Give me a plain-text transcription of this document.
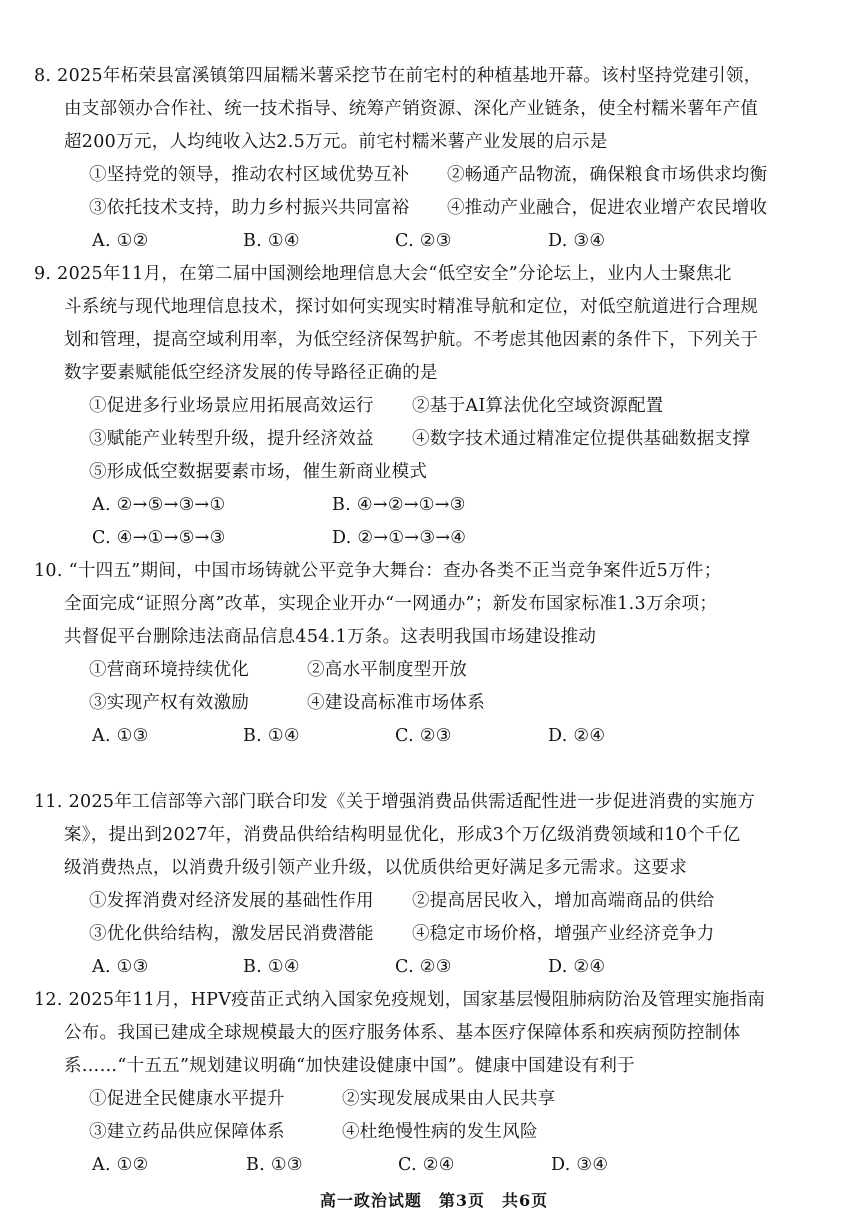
8. 2025年柘荣县富溪镇第四届糯米薯采挖节在前宅村的种植基地开幕。该村坚持党建引领，
由支部领办合作社、统一技术指导、统筹产销资源、深化产业链条，使全村糯米薯年产值
超200万元，人均纯收入达2.5万元。前宅村糯米薯产业发展的启示是
①坚持党的领导，推动农村区域优势互补 ②畅通产品物流，确保粮食市场供求均衡
③依托技术支持，助力乡村振兴共同富裕 ④推动产业融合，促进农业增产农民增收
A. ①②	B. ①④	C. ②③	D. ③④
9. 2025年11月，在第二届中国测绘地理信息大会“低空安全”分论坛上，业内人士聚焦北
斗系统与现代地理信息技术，探讨如何实现实时精准导航和定位，对低空航道进行合理规
划和管理，提高空域利用率，为低空经济保驾护航。不考虑其他因素的条件下，下列关于
数字要素赋能低空经济发展的传导路径正确的是
①促进多行业场景应用拓展高效运行 ②基于AI算法优化空域资源配置
③赋能产业转型升级，提升经济效益 ④数字技术通过精准定位提供基础数据支撑
⑤形成低空数据要素市场，催生新商业模式
A. ②→⑤→③→①	B. ④→②→①→③
C. ④→①→⑤→③	D. ②→①→③→④
10. “十四五”期间，中国市场铸就公平竞争大舞台：查办各类不正当竞争案件近5万件；
全面完成“证照分离”改革，实现企业开办“一网通办”；新发布国家标准1.3万余项；
共督促平台删除违法商品信息454.1万条。这表明我国市场建设推动
①营商环境持续优化	②高水平制度型开放
③实现产权有效激励	④建设高标准市场体系
A. ①③	B. ①④	C. ②③	D. ②④
11. 2025年工信部等六部门联合印发《关于增强消费品供需适配性进一步促进消费的实施方
案》，提出到2027年，消费品供给结构明显优化，形成3个万亿级消费领域和10个千亿
级消费热点，以消费升级引领产业升级，以优质供给更好满足多元需求。这要求
①发挥消费对经济发展的基础性作用 ②提高居民收入，增加高端商品的供给
③优化供给结构，激发居民消费潜能 ④稳定市场价格，增强产业经济竞争力
A. ①③	B. ①④	C. ②③	D. ②④
12. 2025年11月，HPV疫苗正式纳入国家免疫规划，国家基层慢阻肺病防治及管理实施指南
公布。我国已建成全球规模最大的医疗服务体系、基本医疗保障体系和疾病预防控制体
系……“十五五”规划建议明确“加快建设健康中国”。健康中国建设有利于
①促进全民健康水平提升	②实现发展成果由人民共享
③建立药品供应保障体系	④杜绝慢性病的发生风险
A. ①②	B. ①③	C. ②④	D. ③④
高一政治试题　第3页　共6页
